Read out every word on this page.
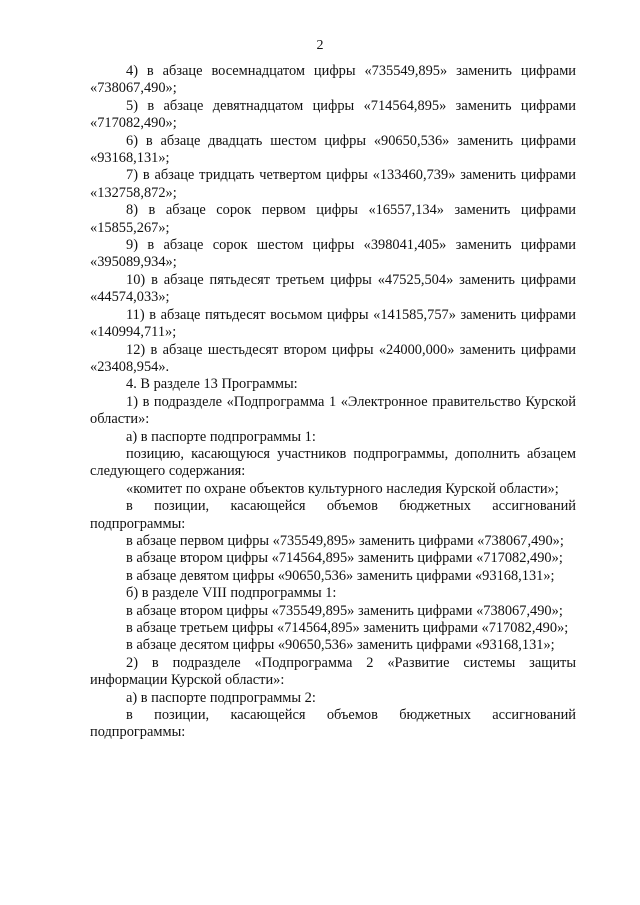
2

4) в абзаце восемнадцатом цифры «735549,895» заменить цифрами «738067,490»;

5) в абзаце девятнадцатом цифры «714564,895» заменить цифрами «717082,490»;

6) в абзаце двадцать шестом цифры «90650,536» заменить цифрами «93168,131»;

7) в абзаце тридцать четвертом цифры «133460,739» заменить цифрами «132758,872»;

8) в абзаце сорок первом цифры «16557,134» заменить цифрами «15855,267»;

9) в абзаце сорок шестом цифры «398041,405» заменить цифрами «395089,934»;

10) в абзаце пятьдесят третьем цифры «47525,504» заменить цифрами «44574,033»;

11) в абзаце пятьдесят восьмом цифры «141585,757» заменить цифрами «140994,711»;

12) в абзаце шестьдесят втором цифры «24000,000» заменить цифрами «23408,954».

4. В разделе 13 Программы:

1) в подразделе «Подпрограмма 1 «Электронное правительство Курской области»:

а) в паспорте подпрограммы 1:

позицию, касающуюся участников подпрограммы, дополнить абзацем следующего содержания:

«комитет по охране объектов культурного наследия Курской области»;

в позиции, касающейся объемов бюджетных ассигнований подпрограммы:

в абзаце первом цифры «735549,895» заменить цифрами «738067,490»;

в абзаце втором цифры «714564,895» заменить цифрами «717082,490»;

в абзаце девятом цифры «90650,536» заменить цифрами «93168,131»;

б) в разделе VIII подпрограммы 1:

в абзаце втором цифры «735549,895» заменить цифрами «738067,490»;

в абзаце третьем цифры «714564,895» заменить цифрами «717082,490»;

в абзаце десятом цифры «90650,536» заменить цифрами «93168,131»;

2) в подразделе «Подпрограмма 2 «Развитие системы защиты информации Курской области»:

а) в паспорте подпрограммы 2:

в позиции, касающейся объемов бюджетных ассигнований подпрограммы:
